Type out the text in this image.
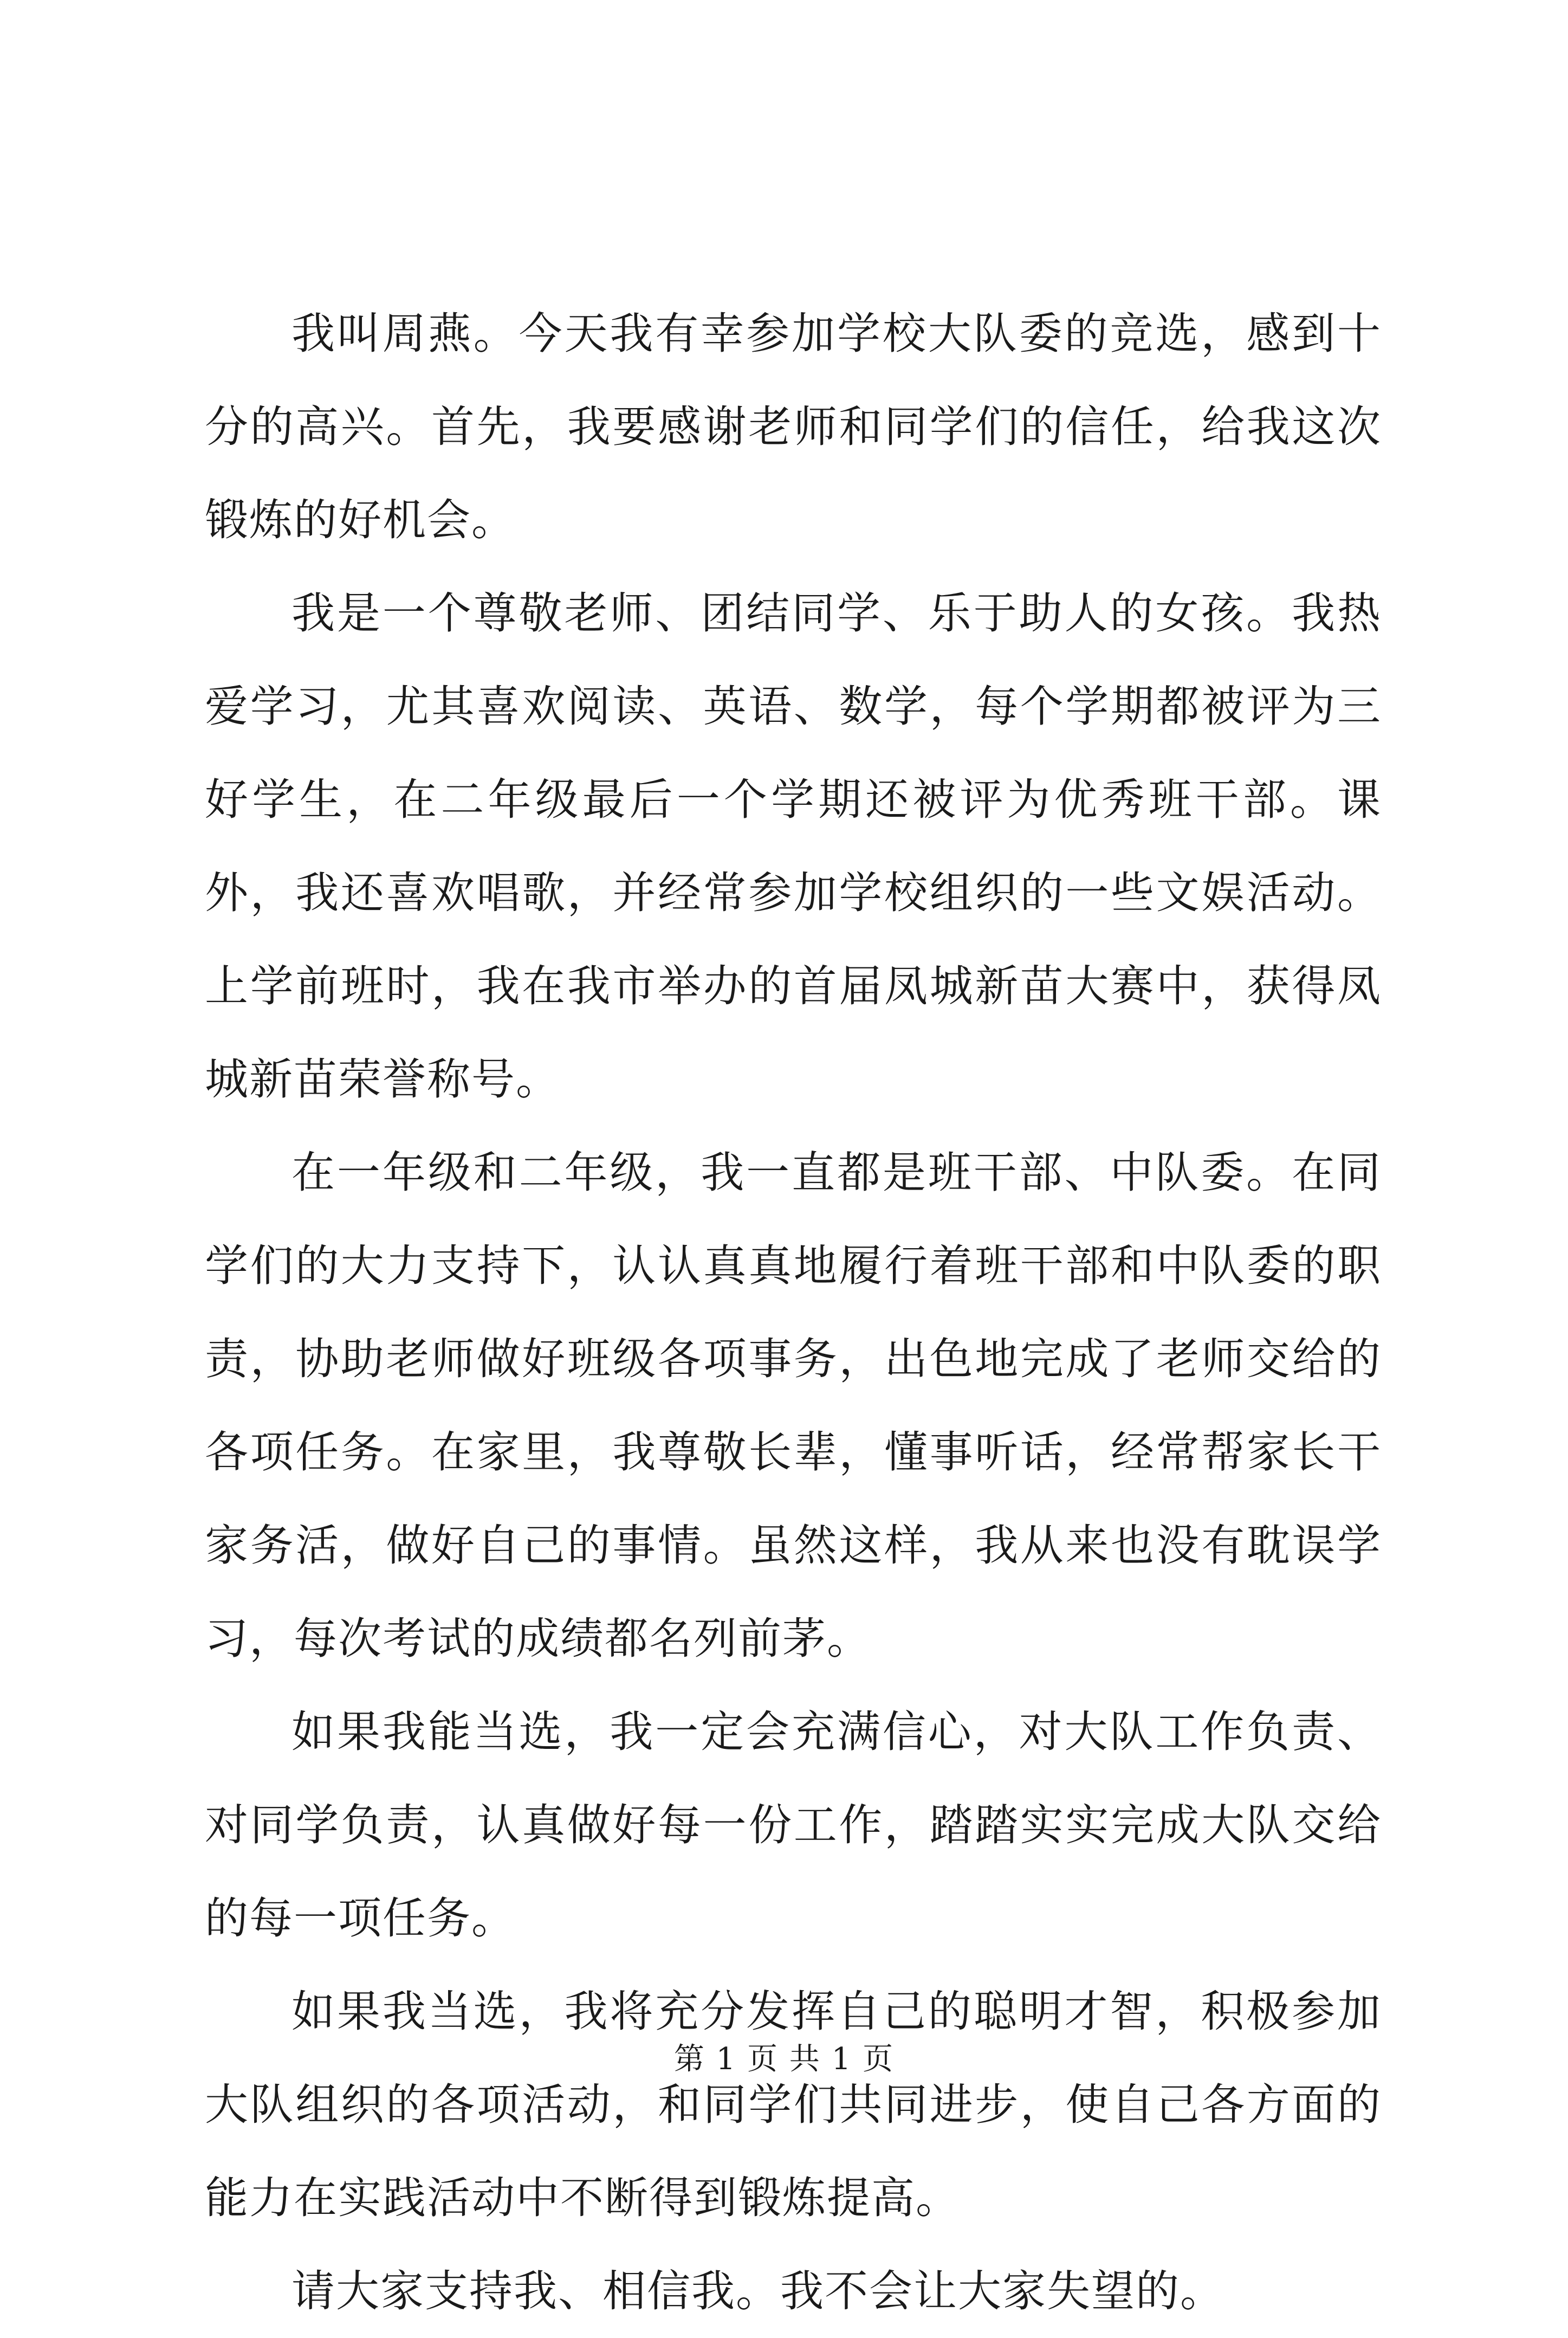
我叫周燕。今天我有幸参加学校大队委的竞选，感到十分的高兴。首先，我要感谢老师和同学们的信任，给我这次锻炼的好机会。

我是一个尊敬老师、团结同学、乐于助人的女孩。我热爱学习，尤其喜欢阅读、英语、数学，每个学期都被评为三好学生，在二年级最后一个学期还被评为优秀班干部。课外，我还喜欢唱歌，并经常参加学校组织的一些文娱活动。上学前班时，我在我市举办的首届凤城新苗大赛中，获得凤城新苗荣誉称号。

在一年级和二年级，我一直都是班干部、中队委。在同学们的大力支持下，认认真真地履行着班干部和中队委的职责，协助老师做好班级各项事务，出色地完成了老师交给的各项任务。在家里，我尊敬长辈，懂事听话，经常帮家长干家务活，做好自己的事情。虽然这样，我从来也没有耽误学习，每次考试的成绩都名列前茅。

如果我能当选，我一定会充满信心，对大队工作负责、对同学负责，认真做好每一份工作，踏踏实实完成大队交给的每一项任务。

如果我当选，我将充分发挥自己的聪明才智，积极参加大队组织的各项活动，和同学们共同进步，使自己各方面的能力在实践活动中不断得到锻炼提高。

请大家支持我、相信我。我不会让大家失望的。

第 1 页 共 1 页
